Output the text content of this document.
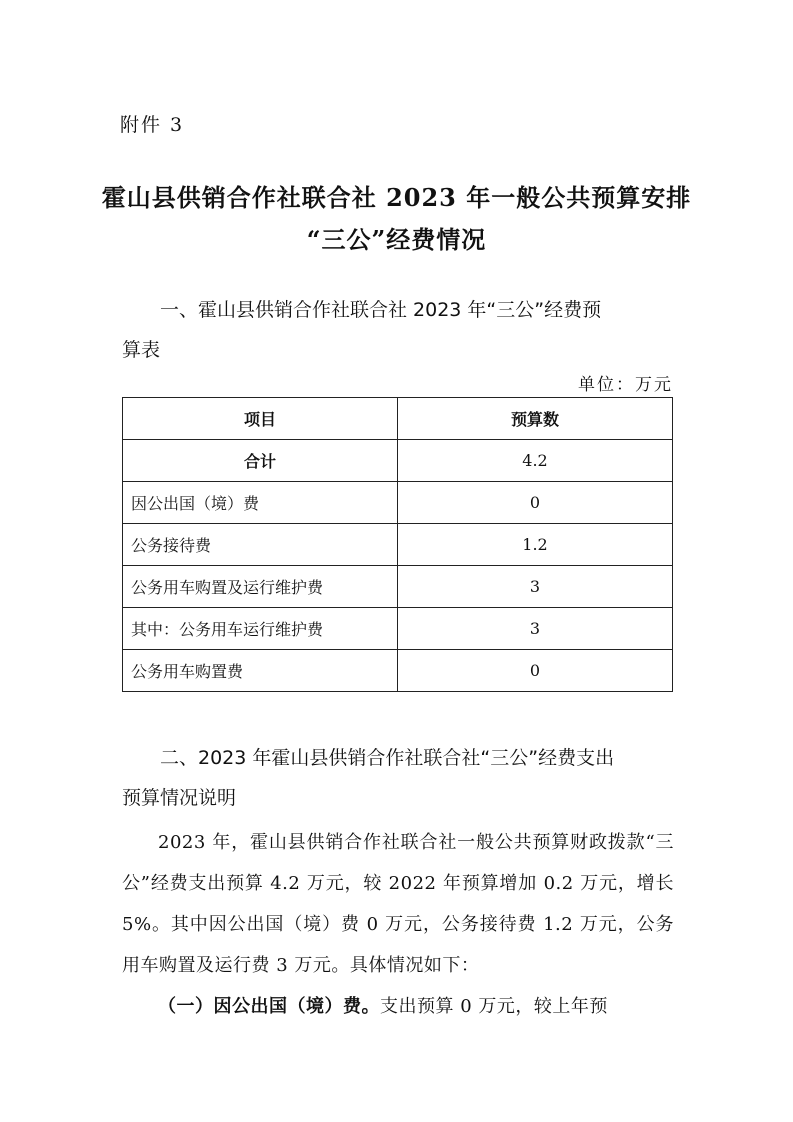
附件 3
霍山县供销合作社联合社 2023 年一般公共预算安排
“三公”经费情况
一、霍山县供销合作社联合社 2023 年“三公”经费预
算表
单位：万元
项目	预算数
合计	4.2
因公出国（境）费	0
公务接待费	1.2
公务用车购置及运行维护费	3
其中：公务用车运行维护费	3
公务用车购置费	0
二、2023 年霍山县供销合作社联合社“三公”经费支出
预算情况说明
2023 年，霍山县供销合作社联合社一般公共预算财政拨款“三公”经费支出预算 4.2 万元，较 2022 年预算增加 0.2 万元，增长 5%。其中因公出国（境）费 0 万元，公务接待费 1.2 万元，公务用车购置及运行费 3 万元。具体情况如下：
（一）因公出国（境）费。支出预算 0 万元，较上年预
